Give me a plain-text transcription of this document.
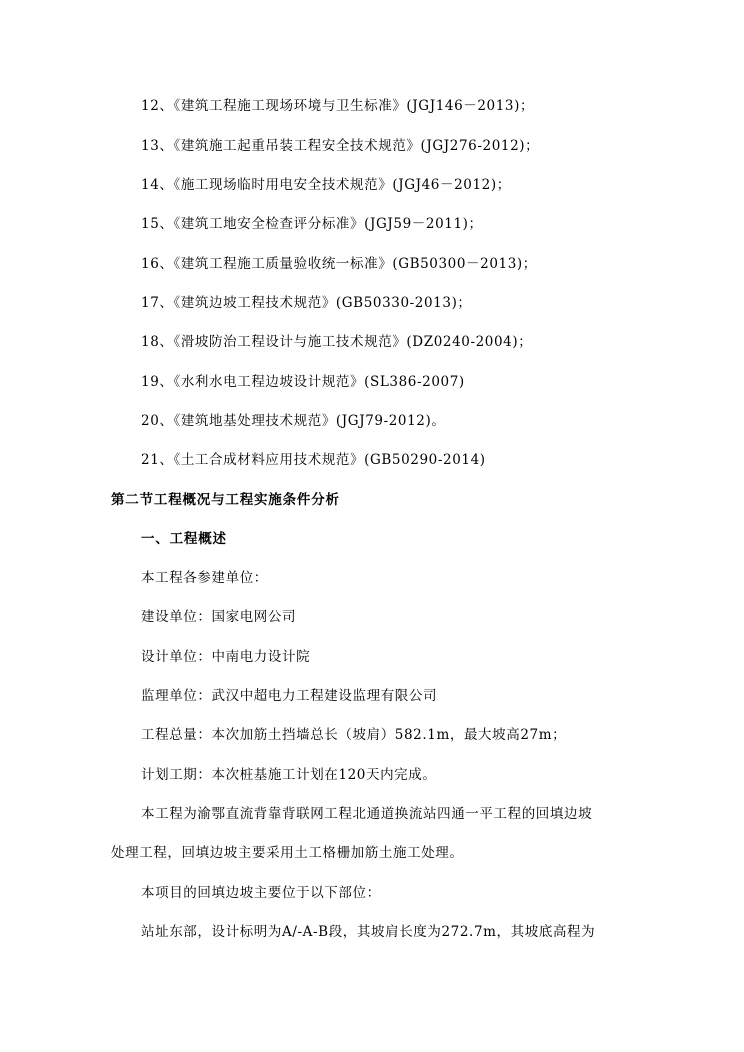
12、《建筑工程施工现场环境与卫生标准》(JGJ146－2013)；
13、《建筑施工起重吊装工程安全技术规范》(JGJ276-2012)；
14、《施工现场临时用电安全技术规范》(JGJ46－2012)；
15、《建筑工地安全检查评分标准》(JGJ59－2011)；
16、《建筑工程施工质量验收统一标准》(GB50300－2013)；
17、《建筑边坡工程技术规范》(GB50330-2013)；
18、《滑坡防治工程设计与施工技术规范》(DZ0240-2004)；
19、《水利水电工程边坡设计规范》(SL386-2007)
20、《建筑地基处理技术规范》(JGJ79-2012)。
21、《土工合成材料应用技术规范》(GB50290-2014)
第二节工程概况与工程实施条件分析
一、工程概述
本工程各参建单位：
建设单位：国家电网公司
设计单位：中南电力设计院
监理单位：武汉中超电力工程建设监理有限公司
工程总量：本次加筋土挡墙总长（坡肩）582.1m，最大坡高27m；
计划工期：本次桩基施工计划在120天内完成。
本工程为渝鄂直流背靠背联网工程北通道换流站四通一平工程的回填边坡
处理工程，回填边坡主要采用土工格栅加筋土施工处理。
本项目的回填边坡主要位于以下部位：
站址东部，设计标明为A/-A-B段，其坡肩长度为272.7m，其坡底高程为
